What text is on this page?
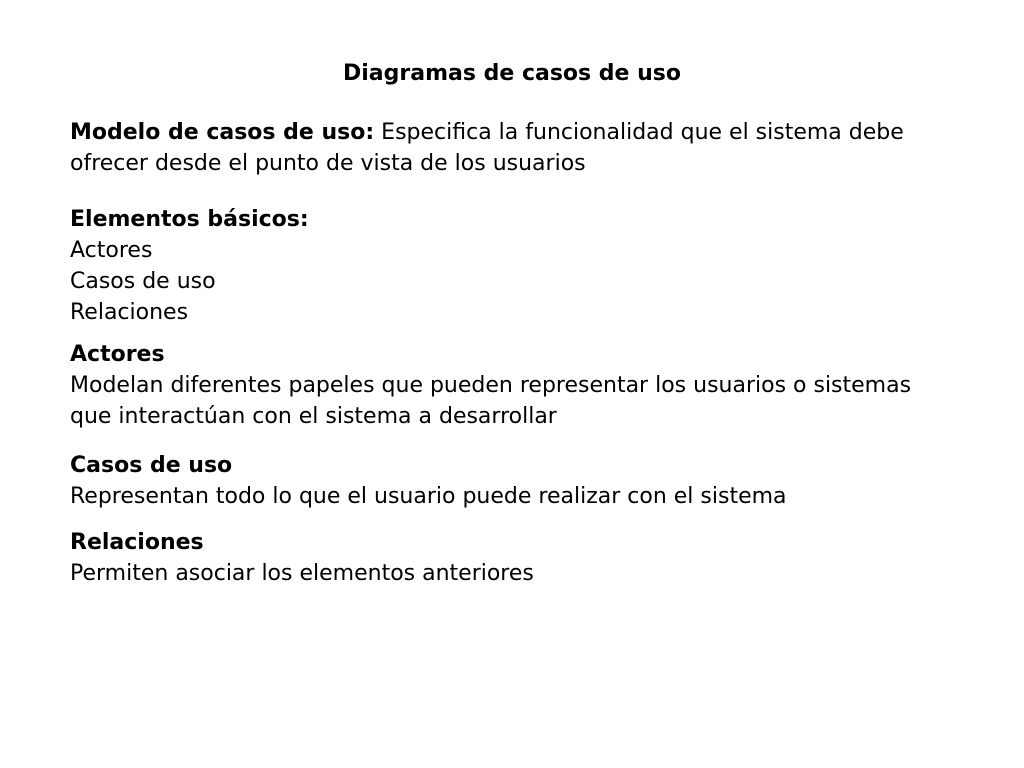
Diagramas de casos de uso
Modelo de casos de uso: Especifica la funcionalidad que el sistema debe
ofrecer desde el punto de vista de los usuarios
Elementos básicos:
Actores
Casos de uso
Relaciones
Actores
Modelan diferentes papeles que pueden representar los usuarios o sistemas
que interactúan con el sistema a desarrollar
Casos de uso
Representan todo lo que el usuario puede realizar con el sistema
Relaciones
Permiten asociar los elementos anteriores
